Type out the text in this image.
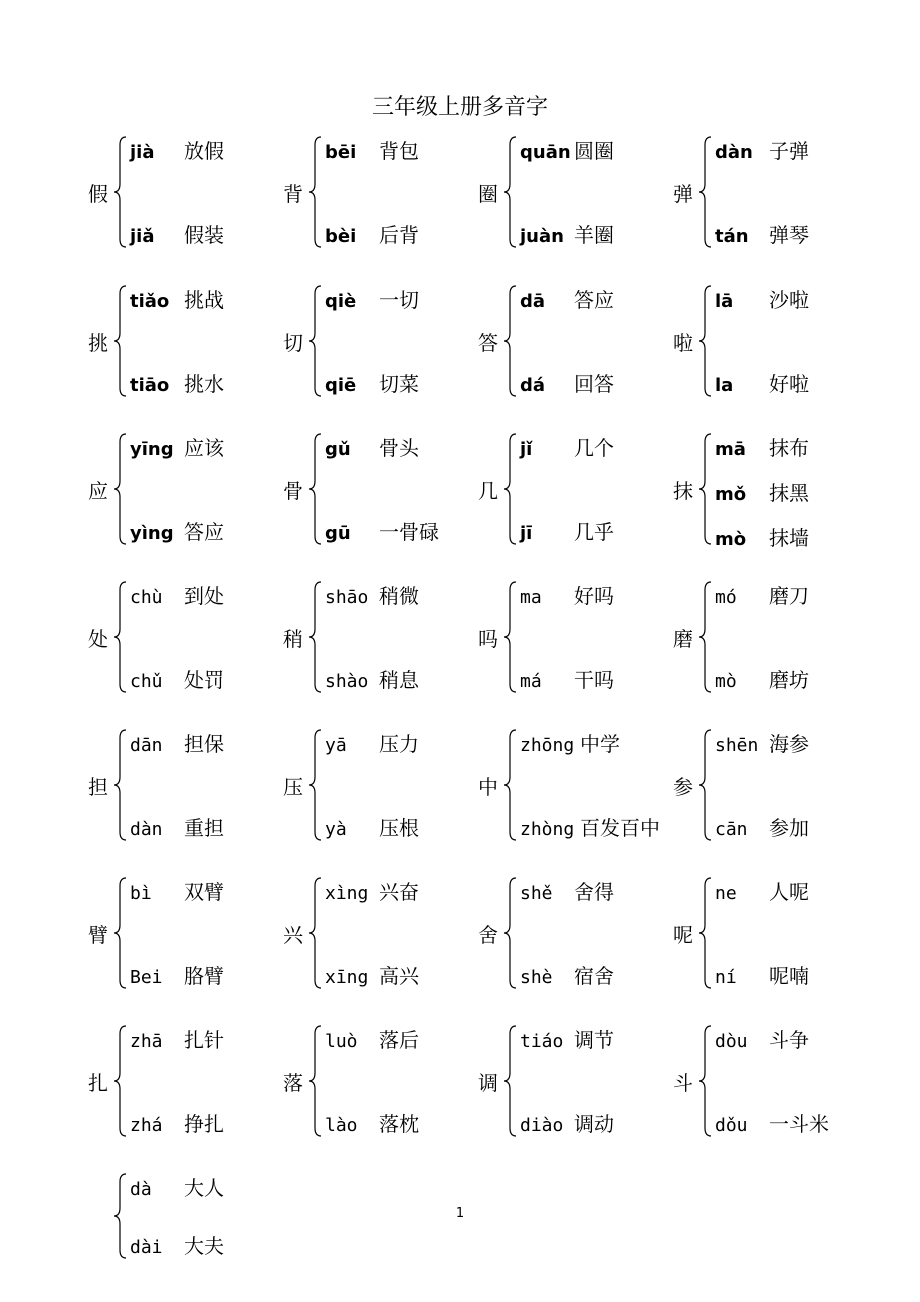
三年级上册多音字
假
jià 放假
jiǎ 假装
背
bēi 背包
bèi 后背
圈
quān 圆圈
juàn 羊圈
弹
dàn 子弹
tán 弹琴
挑
tiǎo 挑战
tiāo 挑水
切
qiè 一切
qiē 切菜
答
dā 答应
dá 回答
啦
lā 沙啦
la 好啦
应
yīng 应该
yìng 答应
骨
gǔ 骨头
gū 一骨碌
几
jǐ 几个
jī 几乎
抹
mā 抹布
mǒ 抹黑
mò 抹墙
处
chù 到处
chǔ 处罚
稍
shāo 稍微
shào 稍息
吗
ma 好吗
má 干吗
磨
mó 磨刀
mò 磨坊
担
dān 担保
dàn 重担
压
yā 压力
yà 压根
中
zhōng 中学
zhòng 百发百中
参
shēn 海参
cān 参加
臂
bì 双臂
Bei 胳臂
兴
xìng 兴奋
xīng 高兴
舍
shě 舍得
shè 宿舍
呢
ne 人呢
ní 呢喃
扎
zhā 扎针
zhá 挣扎
落
luò 落后
lào 落枕
调
tiáo 调节
diào 调动
斗
dòu 斗争
dǒu 一斗米
dà 大人
dài 大夫
1
